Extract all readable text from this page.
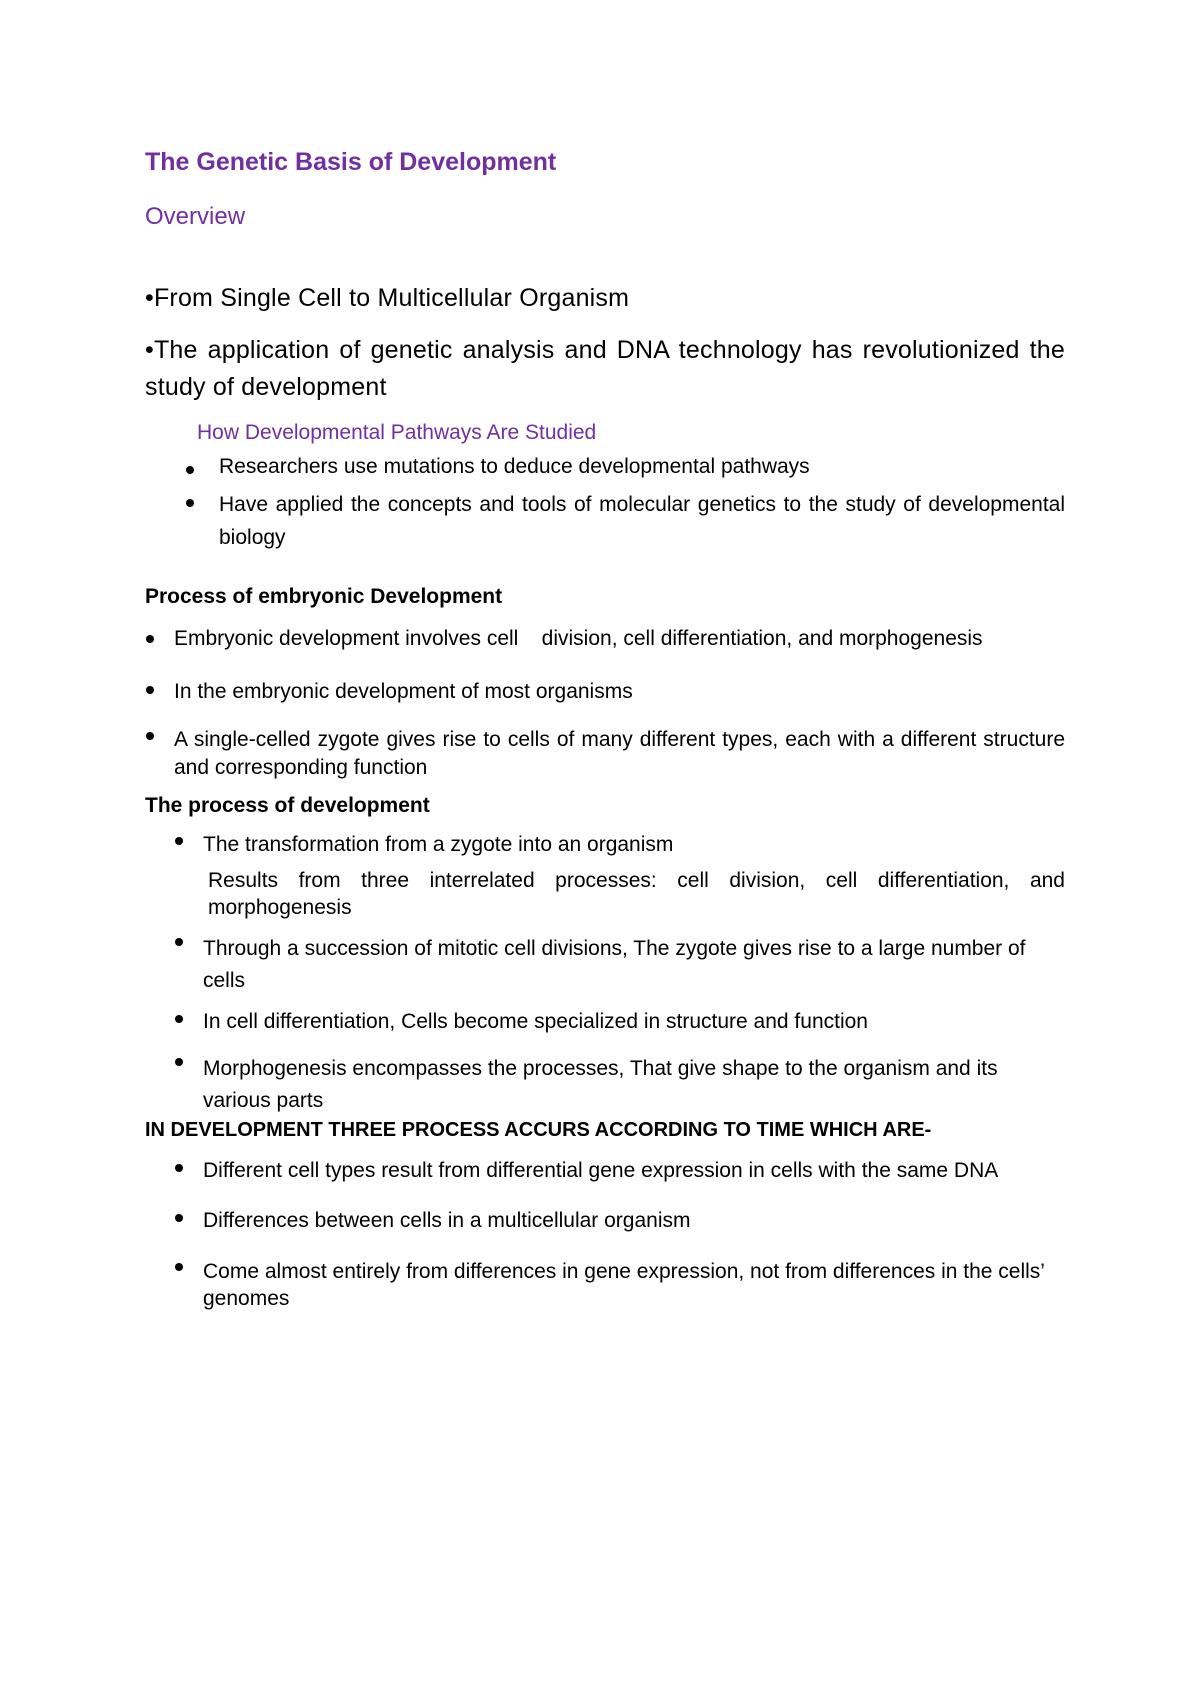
The Genetic Basis of Development
Overview
•From Single Cell to Multicellular Organism
•The application of genetic analysis and DNA technology has revolutionized the study of development
How Developmental Pathways Are Studied
Researchers use mutations to deduce developmental pathways
Have applied the concepts and tools of molecular genetics to the study of developmental biology
Process of embryonic Development
Embryonic development involves cell    division, cell differentiation, and morphogenesis
In the embryonic development of most organisms
A single-celled zygote gives rise to cells of many different types, each with a different structure and corresponding function
The process of development
The transformation from a zygote into an organism
Results from three interrelated processes: cell division, cell differentiation, and morphogenesis
Through a succession of mitotic cell divisions, The zygote gives rise to a large number of cells
In cell differentiation, Cells become specialized in structure and function
Morphogenesis encompasses the processes, That give shape to the organism and its various parts
IN DEVELOPMENT THREE PROCESS ACCURS ACCORDING TO TIME WHICH ARE-
Different cell types result from differential gene expression in cells with the same DNA
Differences between cells in a multicellular organism
Come almost entirely from differences in gene expression, not from differences in the cells’ genomes
